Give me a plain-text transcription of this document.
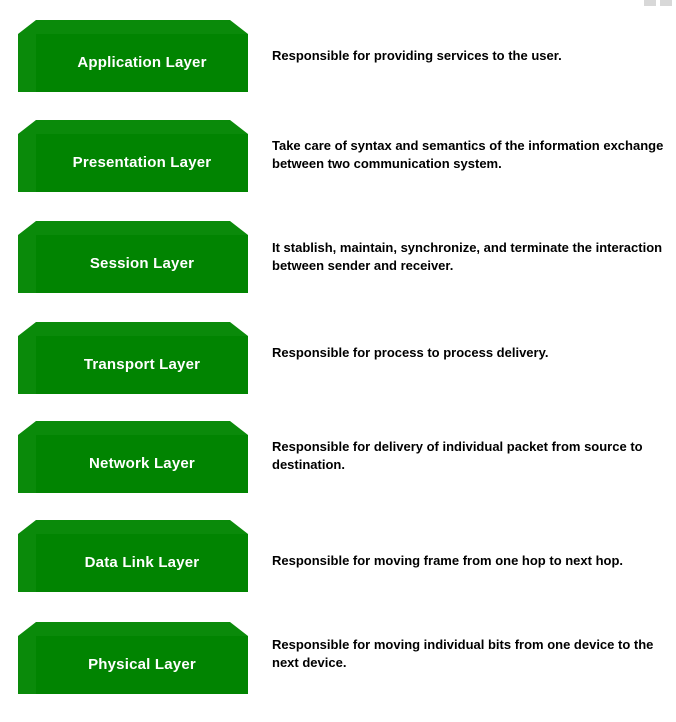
Application Layer	Responsible for providing services to the user.
Presentation Layer
Take care of syntax and semantics of the information exchange between two communication system.
Session Layer
It stablish, maintain, synchronize, and terminate the interaction between sender and receiver.
Transport Layer
Responsible for process to process delivery.
Network Layer
Responsible for delivery of individual packet from source to destination.
Data Link Layer	Responsible for moving frame from one hop to next hop.
Physical Layer
Responsible for moving individual bits from one device to the next device.
